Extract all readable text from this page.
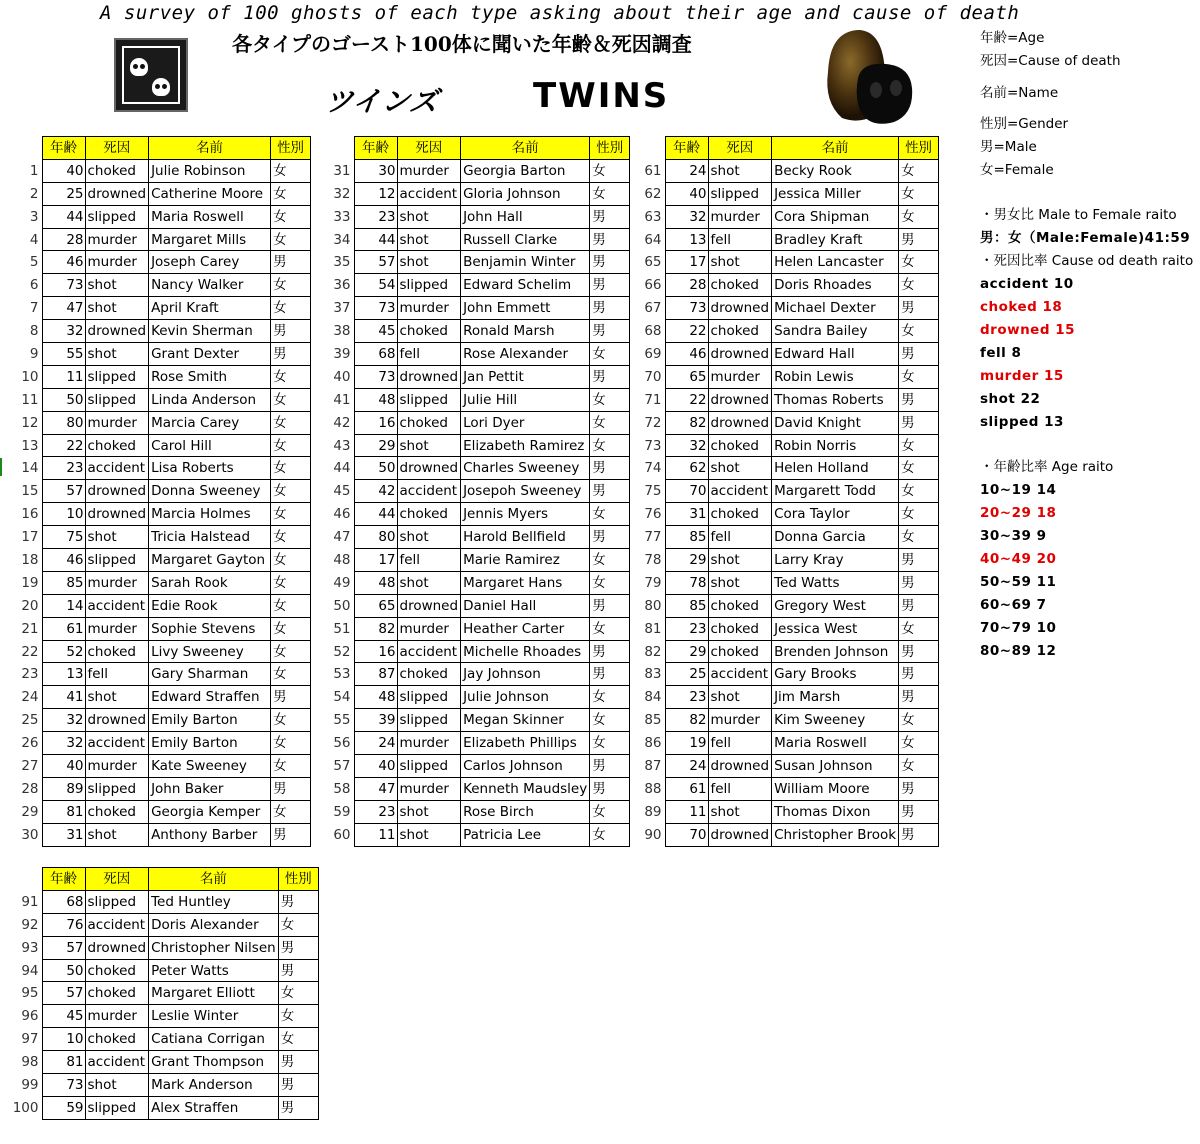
A survey of 100 ghosts of each type asking about their age and cause of death
各タイプのゴースト100体に聞いた年齢＆死因調査
ツインズ	TWINS
	年齢	死因	名前	性別
1	40	choked	Julie Robinson	女
2	25	drowned	Catherine Moore	女
3	44	slipped	Maria Roswell	女
4	28	murder	Margaret Mills	女
5	46	murder	Joseph Carey	男
6	73	shot	Nancy Walker	女
7	47	shot	April Kraft	女
8	32	drowned	Kevin Sherman	男
9	55	shot	Grant Dexter	男
10	11	slipped	Rose Smith	女
11	50	slipped	Linda Anderson	女
12	80	murder	Marcia Carey	女
13	22	choked	Carol Hill	女
14	23	accident	Lisa Roberts	女
15	57	drowned	Donna Sweeney	女
16	10	drowned	Marcia Holmes	女
17	75	shot	Tricia Halstead	女
18	46	slipped	Margaret Gayton	女
19	85	murder	Sarah Rook	女
20	14	accident	Edie Rook	女
21	61	murder	Sophie Stevens	女
22	52	choked	Livy Sweeney	女
23	13	fell	Gary Sharman	女
24	41	shot	Edward Straffen	男
25	32	drowned	Emily Barton	女
26	32	accident	Emily Barton	女
27	40	murder	Kate Sweeney	女
28	89	slipped	John Baker	男
29	81	choked	Georgia Kemper	女
30	31	shot	Anthony Barber	男
	年齢	死因	名前	性別
31	30	murder	Georgia Barton	女
32	12	accident	Gloria Johnson	女
33	23	shot	John Hall	男
34	44	shot	Russell Clarke	男
35	57	shot	Benjamin Winter	男
36	54	slipped	Edward Schelim	男
37	73	murder	John Emmett	男
38	45	choked	Ronald Marsh	男
39	68	fell	Rose Alexander	女
40	73	drowned	Jan Pettit	男
41	48	slipped	Julie Hill	女
42	16	choked	Lori Dyer	女
43	29	shot	Elizabeth Ramirez	女
44	50	drowned	Charles Sweeney	男
45	42	accident	Josepoh Sweeney	男
46	44	choked	Jennis Myers	女
47	80	shot	Harold Bellfield	男
48	17	fell	Marie Ramirez	女
49	48	shot	Margaret Hans	女
50	65	drowned	Daniel Hall	男
51	82	murder	Heather Carter	女
52	16	accident	Michelle Rhoades	男
53	87	choked	Jay Johnson	男
54	48	slipped	Julie Johnson	女
55	39	slipped	Megan Skinner	女
56	24	murder	Elizabeth Phillips	女
57	40	slipped	Carlos Johnson	男
58	47	murder	Kenneth Maudsley	男
59	23	shot	Rose Birch	女
60	11	shot	Patricia Lee	女
	年齢	死因	名前	性別
61	24	shot	Becky Rook	女
62	40	slipped	Jessica Miller	女
63	32	murder	Cora Shipman	女
64	13	fell	Bradley Kraft	男
65	17	shot	Helen Lancaster	女
66	28	choked	Doris Rhoades	女
67	73	drowned	Michael Dexter	男
68	22	choked	Sandra Bailey	女
69	46	drowned	Edward Hall	男
70	65	murder	Robin Lewis	女
71	22	drowned	Thomas Roberts	男
72	82	drowned	David Knight	男
73	32	choked	Robin Norris	女
74	62	shot	Helen Holland	女
75	70	accident	Margarett Todd	女
76	31	choked	Cora Taylor	女
77	85	fell	Donna Garcia	女
78	29	shot	Larry Kray	男
79	78	shot	Ted Watts	男
80	85	choked	Gregory West	男
81	23	choked	Jessica West	女
82	29	choked	Brenden Johnson	男
83	25	accident	Gary Brooks	男
84	23	shot	Jim Marsh	男
85	82	murder	Kim Sweeney	女
86	19	fell	Maria Roswell	女
87	24	drowned	Susan Johnson	女
88	61	fell	William Moore	男
89	11	shot	Thomas Dixon	男
90	70	drowned	Christopher Brook	男
	年齢	死因	名前	性別
91	68	slipped	Ted Huntley	男
92	76	accident	Doris Alexander	女
93	57	drowned	Christopher Nilsen	男
94	50	choked	Peter Watts	男
95	57	choked	Margaret Elliott	女
96	45	murder	Leslie Winter	女
97	10	choked	Catiana Corrigan	女
98	81	accident	Grant Thompson	男
99	73	shot	Mark Anderson	男
100	59	slipped	Alex Straffen	男
年齢=Age
死因=Cause of death
名前=Name
性別=Gender
男=Male
女=Female
・男女比 Male to Female raito
男：女（Male:Female)41:59
・死因比率 Cause od death raito
accident 10
choked 18
drowned 15
fell 8
murder 15
shot 22
slipped 13
・年齢比率 Age raito
10~19 14
20~29 18
30~39 9
40~49 20
50~59 11
60~69 7
70~79 10
80~89 12
